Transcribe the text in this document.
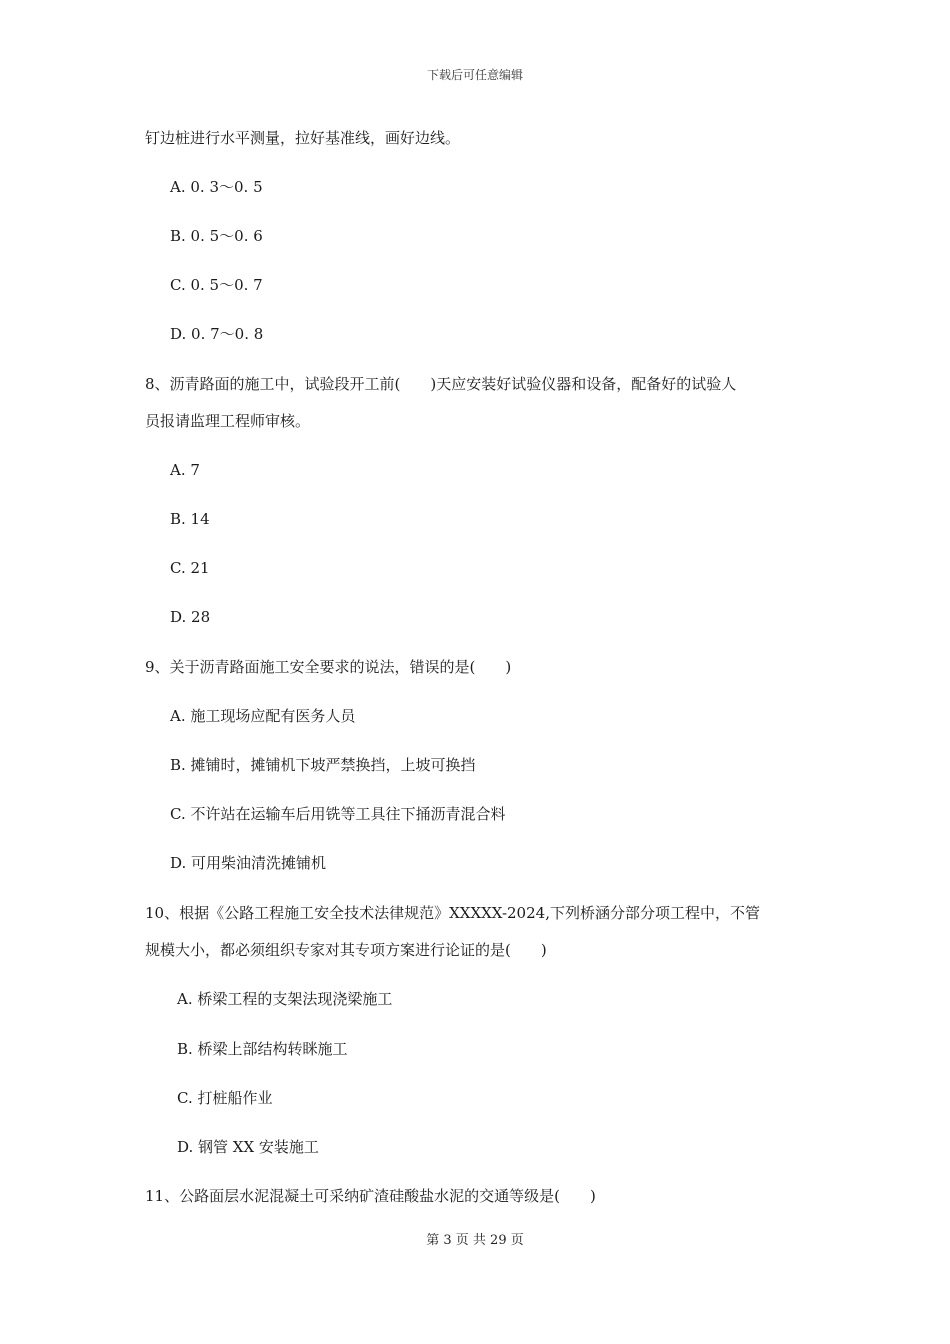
下载后可任意编辑
钉边桩进行水平测量，拉好基准线，画好边线。
A. 0. 3～0. 5
B. 0. 5～0. 6
C. 0. 5～0. 7
D. 0. 7～0. 8
8、沥青路面的施工中，试验段开工前(　　)天应安装好试验仪器和设备，配备好的试验人
员报请监理工程师审核。
A. 7
B. 14
C. 21
D. 28
9、关于沥青路面施工安全要求的说法，错误的是(　　)
A. 施工现场应配有医务人员
B. 摊铺时，摊铺机下坡严禁换挡，上坡可换挡
C. 不许站在运输车后用铣等工具往下捅沥青混合料
D. 可用柴油清洗摊铺机
10、根据《公路工程施工安全技术法律规范》XXXXX-2024,下列桥涵分部分项工程中，不管
规模大小，都必须组织专家对其专项方案进行论证的是(　　)
A. 桥梁工程的支架法现浇梁施工
B. 桥梁上部结构转眯施工
C. 打桩船作业
D. 钢管 XX 安装施工
11、公路面层水泥混凝土可采纳矿渣硅酸盐水泥的交通等级是(　　)
第 3 页 共 29 页
